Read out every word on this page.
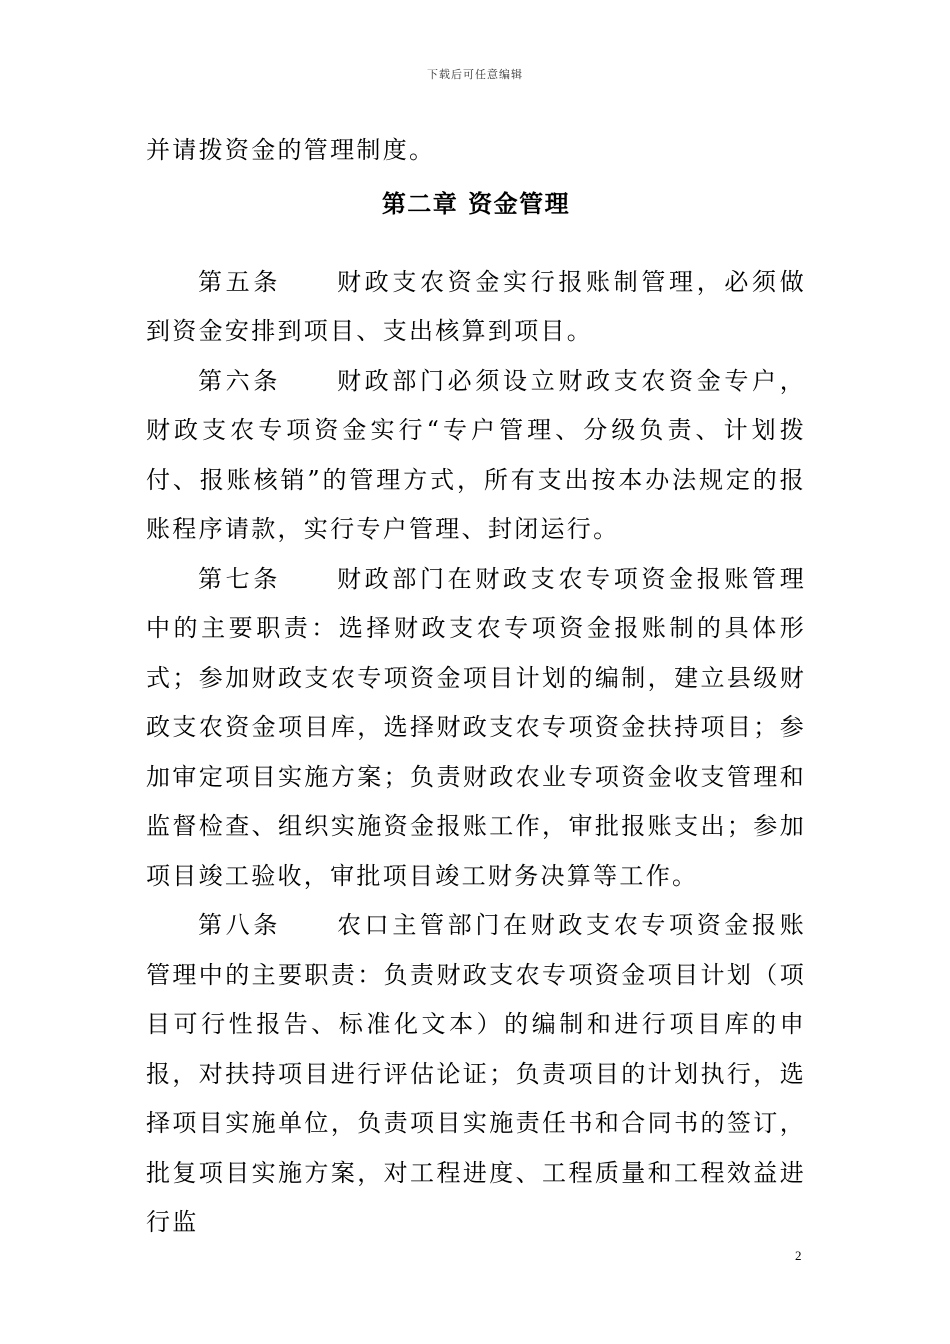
下载后可任意编辑

并请拨资金的管理制度。

第二章 资金管理

第五条 财政支农资金实行报账制管理，必须做到资金安排到项目、支出核算到项目。

第六条 财政部门必须设立财政支农资金专户，财政支农专项资金实行“专户管理、分级负责、计划拨付、报账核销”的管理方式，所有支出按本办法规定的报账程序请款，实行专户管理、封闭运行。

第七条 财政部门在财政支农专项资金报账管理中的主要职责：选择财政支农专项资金报账制的具体形式；参加财政支农专项资金项目计划的编制，建立县级财政支农资金项目库，选择财政支农专项资金扶持项目；参加审定项目实施方案；负责财政农业专项资金收支管理和监督检查、组织实施资金报账工作，审批报账支出；参加项目竣工验收，审批项目竣工财务决算等工作。

第八条 农口主管部门在财政支农专项资金报账管理中的主要职责：负责财政支农专项资金项目计划（项目可行性报告、标准化文本）的编制和进行项目库的申报，对扶持项目进行评估论证；负责项目的计划执行，选择项目实施单位，负责项目实施责任书和合同书的签订，批复项目实施方案，对工程进度、工程质量和工程效益进行监

2
